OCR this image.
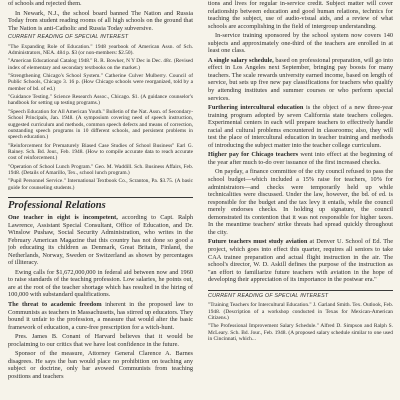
of schools and rejected them.

In Newark, N.J., the school board banned The Nation and Russia Today from student reading rooms of all high schools on the ground that The Nation is anti-Catholic and Russia Today subversive.

CURRENT READING OF SPECIAL INTEREST

"The Expanding Role of Education." 1948 yearbook of American Assn. of Sch. Administrators, NEA. 484 p. $3 (or non-members: $2.50).

"American Educational Catalog 1948." R. R. Bowker, N Y Dec in Dec. 48c. (Revised index of elementary and secondary textbooks on the market.)

"Strengthening Chicago's School System." Catherine Culver Mulberry. Council of Public Schools, Chicago 3. 16 p. (How Chicago schools were reorganized, told by a member of bd. of ed.)

"Guidance Testing." Science Research Assoc., Chicago. $1. (A guidance counselor's handbook for setting up testing programs.)

"Speech Education for All American Youth." Bulletin of the Nat. Assn. of Secondary-School Principals, Jan. 1948. (A symposium covering need of speech instruction, suggested curriculum and methods, common speech defects and means of correction, outstanding speech programs in 10 different schools, and persistent problems in speech education.)

"Reinforcement for Prematurely Biased Case Studies of School Business" Earl G. Rainey. Sch. Bd. Jour., Feb. 1948. (How to compile accurate data to reach accurate cost of reinforcement.)

"Operation of School Lunch Program." Geo. M. Waddill. Sch. Business Affairs, Feb. 1948. (Details of Amarillo, Tex., school lunch program.)

"Pupil Personnel Service." International Textbook Co., Scranton, Pa. $3.75. (A basic guide for counseling students.)

Professional Relations

One teacher in eight is incompetent, according to Capt. Ralph Lawrence, Assistant Special Consultant, Office of Education, and Dr. Winslow Pushaw, Social Security Administration, who writes in the February American Magazine that this country has not done so good a job educating its children as Denmark, Great Britain, Finland, the Netherlands, Norway, Sweden or Switzerland as shown by percentages of illiteracy.

Ewing calls for $1,672,000,000 in federal aid between now and 1960 to raise standards of the teaching profession. Low salaries, he points out, are at the root of the teacher shortage which has resulted in the hiring of 100,000 with substandard qualifications.

The threat to academic freedom inherent in the proposed law to Communists as teachers in Massachusetts, has stirred up educators. They bound it unfair to the profession, a measure that would alter the basic framework of education, a cure-free prescription for a witch-hunt.

Pres. James B. Conant of Harvard believes that it would be proclaiming to our critics that we have lost confidence in the future.

Sponsor of the measure, Attorney General Clarence A. Barnes disagrees. He says the ban would place no prohibition on teaching any subject or doctrine, only bar avowed Communists from teaching positions and teachers

tions and lives for regular in-service credit. Subject matter will cover relationship between education and good human relations, technics for teaching the subject, use of audio-visual aids, and a review of what schools are accomplishing in the field of intergroup understanding.

In-service training sponsored by the school system now covers 140 subjects and approximately one-third of the teachers are enrolled in at least one class.

A single salary schedule, based on professional preparation, will go into effect in Los Angeles next September, bringing pay boosts for many teachers. The scale rewards university earned income, based on length of service, but sets up five new pay classifications for teachers who qualify by attending institutes and summer courses or who perform special services.

Furthering intercultural education is the object of a new three-year training program adopted by seven California state teachers colleges. Experimental centers in each will prepare teachers to effectively handle racial and cultural problems encountered in classrooms; also, they will test the place of intercultural education in teacher training and methods of introducing the subject matter into the teacher college curriculum.

Higher pay for Chicago teachers went into effect at the beginning of the year after much to-do over issuance of the first increased checks.

On payday, a finance committee of the city council refused to pass the school budget—which included a 15% raise for teachers, 10% for administrators—and checks were temporarily held up while technicalities were discussed. Under the law, however, the bd. of ed. is responsible for the budget and the tax levy it entails, while the council merely endorses checks. In holding up signature, the council demonstrated its contention that it was not responsible for higher taxes. In the meantime teachers' strike threats had spread quickly throughout the city.

Future teachers must study aviation at Denver U. School of Ed. The project, which goes into effect this quarter, requires all seniors to take CAA trainee preparation and actual flight instruction in the air. The school's director, W. D. Askill defines the purpose of the instruction as "an effort to familiarize future teachers with aviation in the hope of developing their appreciation of its importance in the postwar era."

CURRENT READING OF SPECIAL INTEREST

"Training Teachers for Intercultural Education." J. Garland Smith. Tex. Outlook, Feb. 1948. (Description of a workshop conducted in Texas for Mexican-American Citizens.)

"The Professional Improvement Salary Schedule." Alfred D. Simpson and Ralph S. McLeary. Sch. Bd. Jour., Feb. 1948. (A proposed salary schedule similar to one used in Cincinnati, which...
